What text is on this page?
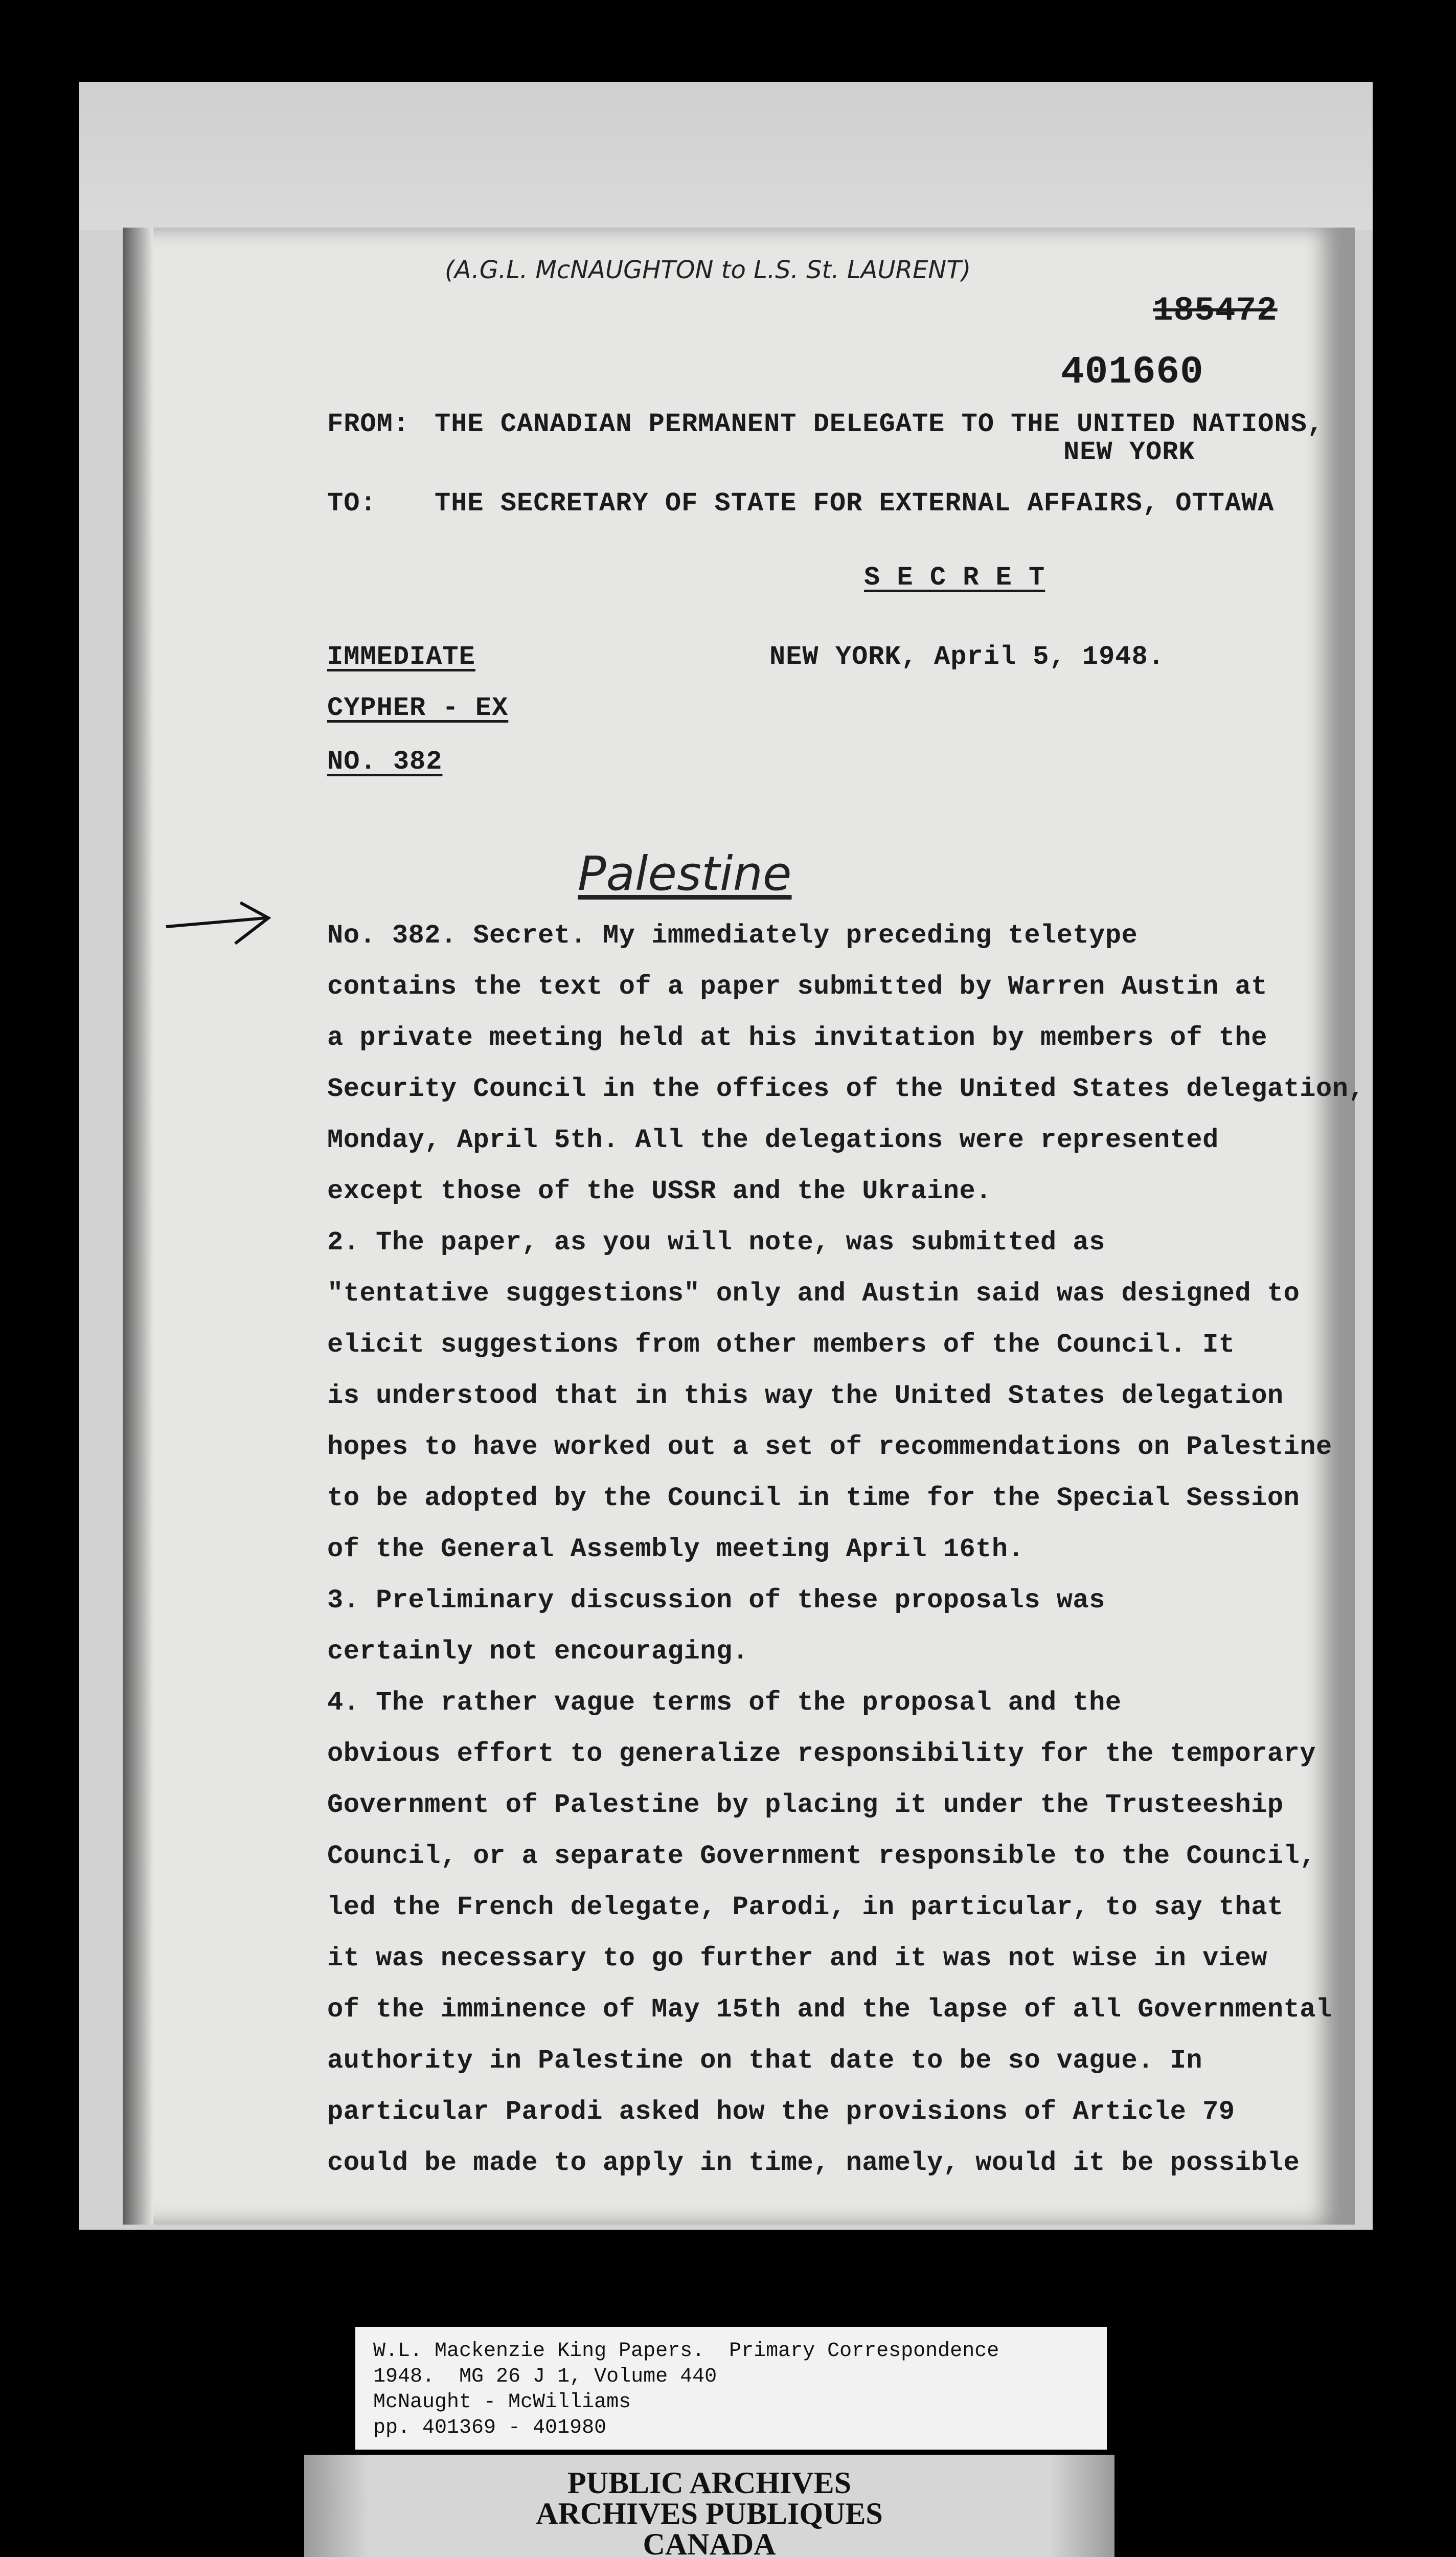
(A.G.L. McNAUGHTON to L.S. St. LAURENT)
185472
401660
FROM: THE CANADIAN PERMANENT DELEGATE TO THE UNITED NATIONS,
NEW YORK
TO: THE SECRETARY OF STATE FOR EXTERNAL AFFAIRS, OTTAWA
S E C R E T
IMMEDIATE	NEW YORK, April 5, 1948.
CYPHER - EX
NO. 382
Palestine
No. 382. Secret. My immediately preceding teletype
contains the text of a paper submitted by Warren Austin at
a private meeting held at his invitation by members of the
Security Council in the offices of the United States delegation,
Monday, April 5th. All the delegations were represented
except those of the USSR and the Ukraine.
2. The paper, as you will note, was submitted as
"tentative suggestions" only and Austin said was designed to
elicit suggestions from other members of the Council. It
is understood that in this way the United States delegation
hopes to have worked out a set of recommendations on Palestine
to be adopted by the Council in time for the Special Session
of the General Assembly meeting April 16th.
3. Preliminary discussion of these proposals was
certainly not encouraging.
4. The rather vague terms of the proposal and the
obvious effort to generalize responsibility for the temporary
Government of Palestine by placing it under the Trusteeship
Council, or a separate Government responsible to the Council,
led the French delegate, Parodi, in particular, to say that
it was necessary to go further and it was not wise in view
of the imminence of May 15th and the lapse of all Governmental
authority in Palestine on that date to be so vague. In
particular Parodi asked how the provisions of Article 79
could be made to apply in time, namely, would it be possible
W.L. Mackenzie King Papers.  Primary Correspondence
1948.  MG 26 J 1, Volume 440
McNaught - McWilliams
pp. 401369 - 401980
PUBLIC ARCHIVES
ARCHIVES PUBLIQUES
CANADA
